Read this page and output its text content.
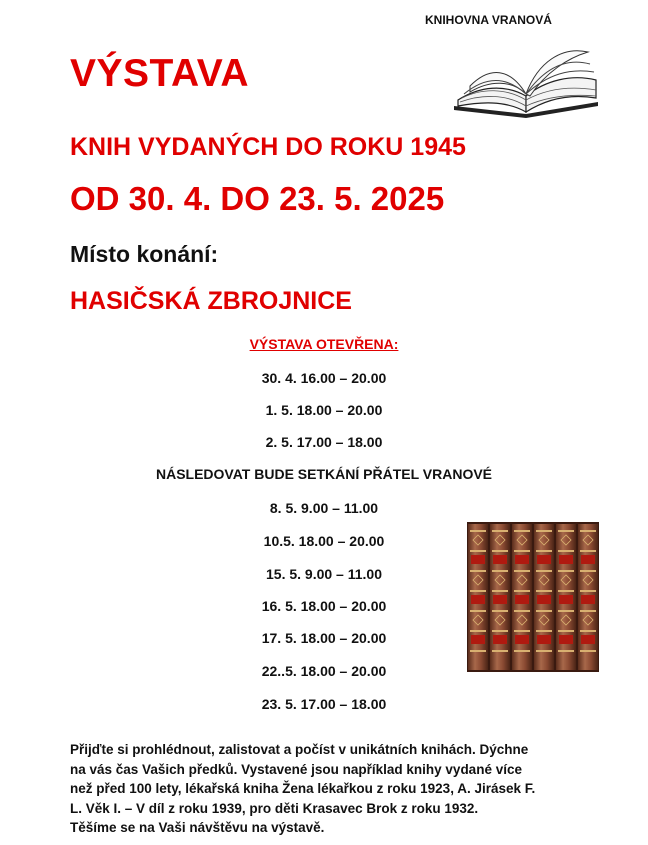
KNIHOVNA VRANOVÁ
VÝSTAVA
KNIH VYDANÝCH DO ROKU 1945
OD 30. 4. DO 23. 5. 2025
Místo konání:
HASIČSKÁ ZBROJNICE
VÝSTAVA OTEVŘENA:
30. 4. 16.00 – 20.00
1. 5. 18.00 – 20.00
2. 5. 17.00 – 18.00
NÁSLEDOVAT BUDE SETKÁNÍ PŘÁTEL VRANOVÉ
8. 5. 9.00 – 11.00
10.5. 18.00 – 20.00
15. 5. 9.00 – 11.00
16. 5. 18.00 – 20.00
17. 5. 18.00 – 20.00
22..5. 18.00 – 20.00
23. 5. 17.00 – 18.00
Přijďte si prohlédnout, zalistovat a počíst v unikátních knihách. Dýchne
na vás čas Vašich předků. Vystavené jsou například knihy vydané více
než před 100 lety, lékařská kniha Žena lékařkou z roku 1923, A. Jirásek F.
L. Věk I. – V díl z roku 1939, pro děti Krasavec Brok z roku 1932.
Těšíme se na Vaši návštěvu na výstavě.
